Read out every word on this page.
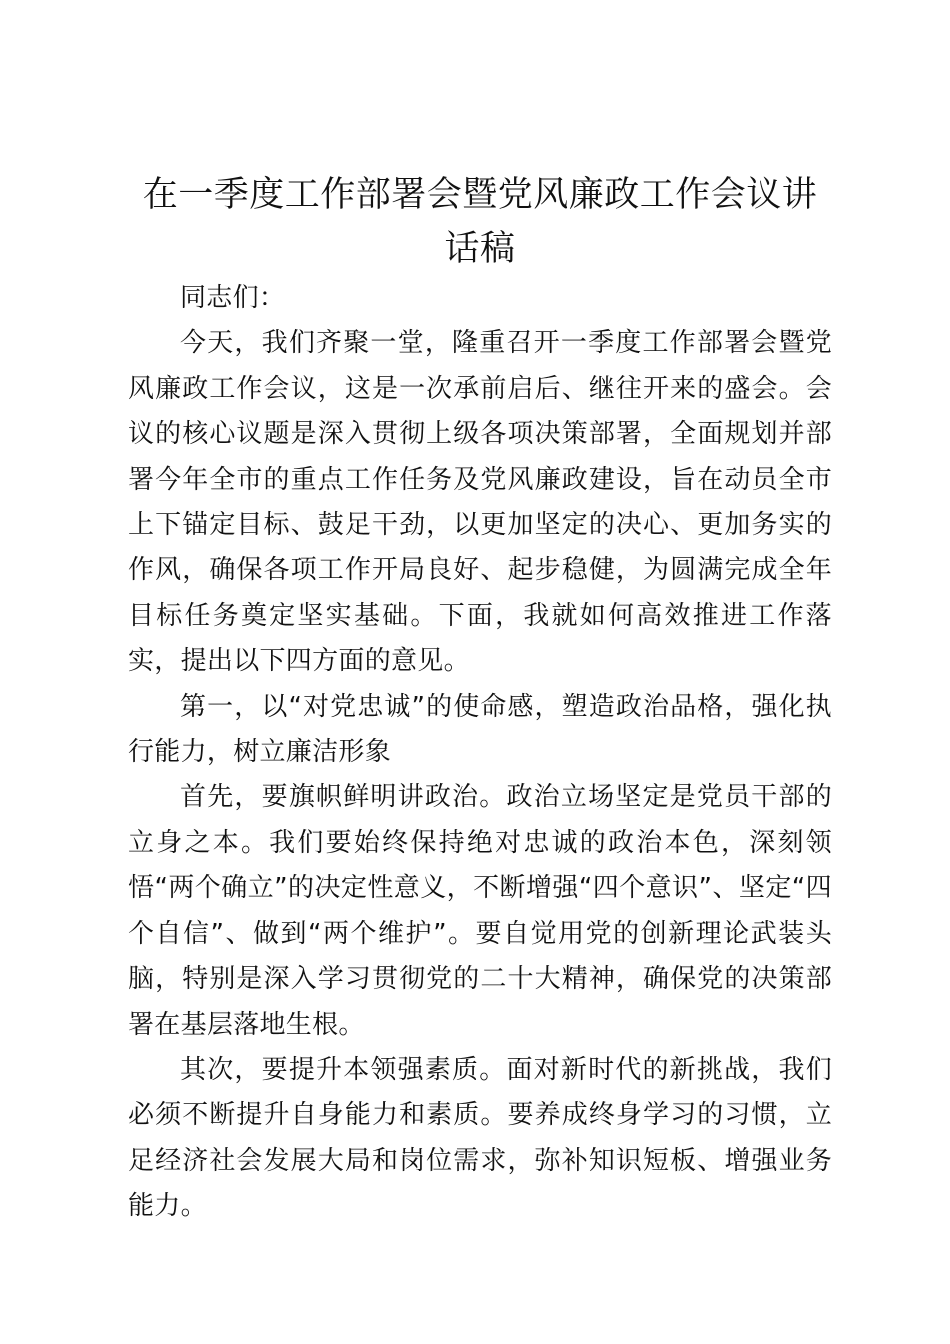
在一季度工作部署会暨党风廉政工作会议讲话稿

同志们：

今天，我们齐聚一堂，隆重召开一季度工作部署会暨党风廉政工作会议，这是一次承前启后、继往开来的盛会。会议的核心议题是深入贯彻上级各项决策部署，全面规划并部署今年全市的重点工作任务及党风廉政建设，旨在动员全市上下锚定目标、鼓足干劲，以更加坚定的决心、更加务实的作风，确保各项工作开局良好、起步稳健，为圆满完成全年目标任务奠定坚实基础。下面，我就如何高效推进工作落实，提出以下四方面的意见。

第一，以“对党忠诚”的使命感，塑造政治品格，强化执行能力，树立廉洁形象

首先，要旗帜鲜明讲政治。政治立场坚定是党员干部的立身之本。我们要始终保持绝对忠诚的政治本色，深刻领悟“两个确立”的决定性意义，不断增强“四个意识”、坚定“四个自信”、做到“两个维护”。要自觉用党的创新理论武装头脑，特别是深入学习贯彻党的二十大精神，确保党的决策部署在基层落地生根。

其次，要提升本领强素质。面对新时代的新挑战，我们必须不断提升自身能力和素质。要养成终身学习的习惯，立足经济社会发展大局和岗位需求，弥补知识短板、增强业务能力。
